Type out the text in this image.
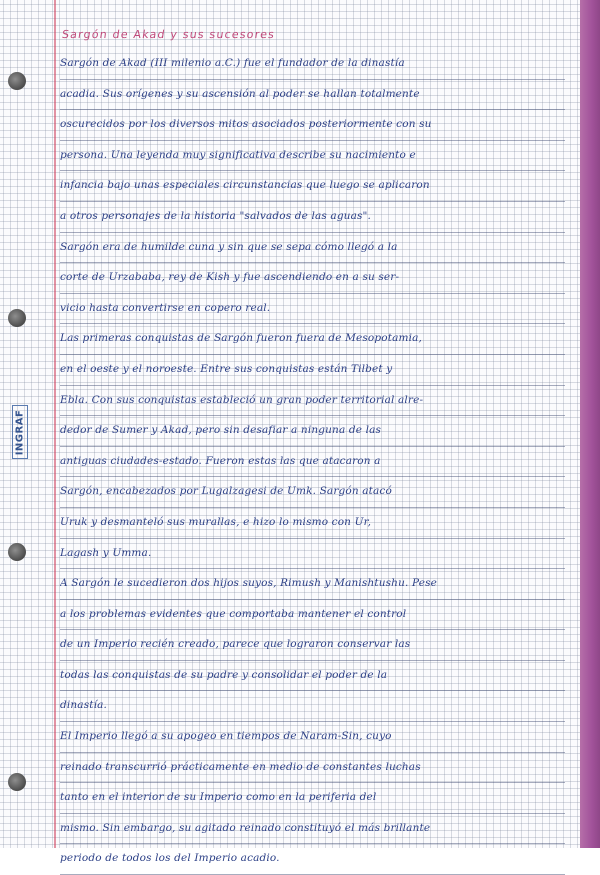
INGRAF
Sargón de Akad y sus sucesores
Sargón de Akad (III milenio a.C.) fue el fundador de la dinastía
acadia. Sus orígenes y su ascensión al poder se hallan totalmente
oscurecidos por los diversos mitos asociados posteriormente con su
persona. Una leyenda muy significativa describe su nacimiento e
infancia bajo unas especiales circunstancias que luego se aplicaron
a otros personajes de la historia "salvados de las aguas".
Sargón era de humilde cuna y sin que se sepa cómo llegó a la
corte de Urzababa, rey de Kish y fue ascendiendo en a su ser-
vicio hasta convertirse en copero real.
Las primeras conquistas de Sargón fueron fuera de Mesopotamia,
en el oeste y el noroeste. Entre sus conquistas están Tilbet y
Ebla. Con sus conquistas estableció un gran poder territorial alre-
dedor de Sumer y Akad, pero sin desafiar a ninguna de las
antiguas ciudades-estado. Fueron estas las que atacaron a
Sargón, encabezados por Lugalzagesi de Umk. Sargón atacó
Uruk y desmanteló sus murallas, e hizo lo mismo con Ur,
Lagash y Umma.
A Sargón le sucedieron dos hijos suyos, Rimush y Manishtushu. Pese
a los problemas evidentes que comportaba mantener el control
de un Imperio recién creado, parece que lograron conservar las
todas las conquistas de su padre y consolidar el poder de la
dinastía.
El Imperio llegó a su apogeo en tiempos de Naram-Sin, cuyo
reinado transcurrió prácticamente en medio de constantes luchas
tanto en el interior de su Imperio como en la periferia del
mismo. Sin embargo, su agitado reinado constituyó el más brillante
periodo de todos los del Imperio acadio.
